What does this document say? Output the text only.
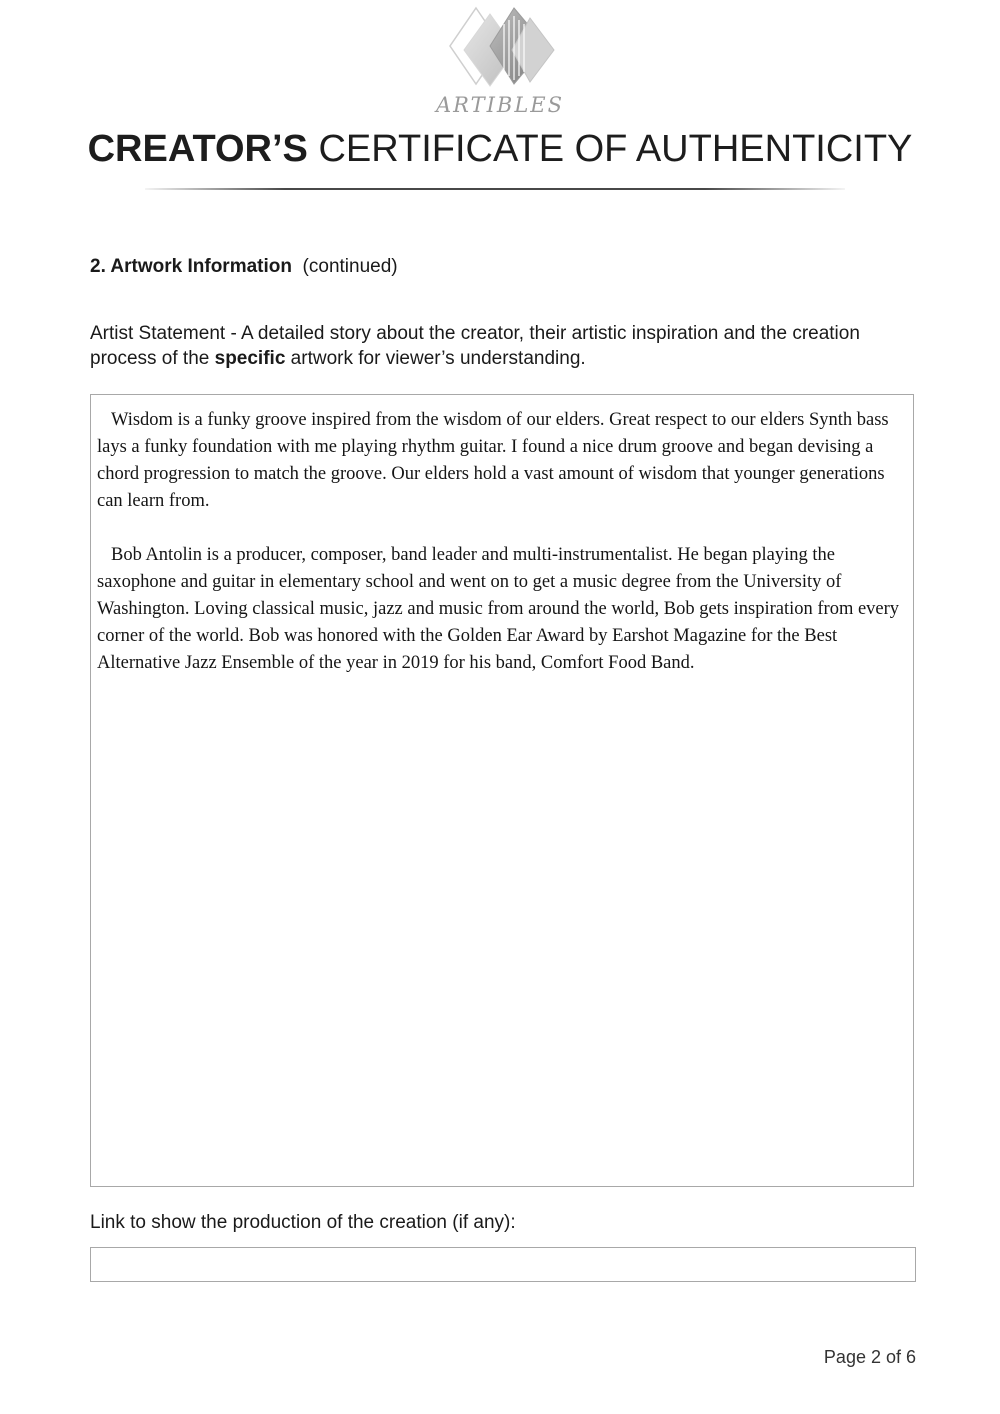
ARTIBLES
CREATOR’S CERTIFICATE OF AUTHENTICITY
2. Artwork Information (continued)
Artist Statement - A detailed story about the creator, their artistic inspiration and the creation process of the specific artwork for viewer’s understanding.

Wisdom is a funky groove inspired from the wisdom of our elders. Great respect to our elders Synth bass lays a funky foundation with me playing rhythm guitar. I found a nice drum groove and began devising a chord progression to match the groove. Our elders hold a vast amount of wisdom that younger generations can learn from.

Bob Antolin is a producer, composer, band leader and multi-instrumentalist. He began playing the saxophone and guitar in elementary school and went on to get a music degree from the University of Washington. Loving classical music, jazz and music from around the world, Bob gets inspiration from every corner of the world. Bob was honored with the Golden Ear Award by Earshot Magazine for the Best Alternative Jazz Ensemble of the year in 2019 for his band, Comfort Food Band.

Link to show the production of the creation (if any):
Page 2 of 6
